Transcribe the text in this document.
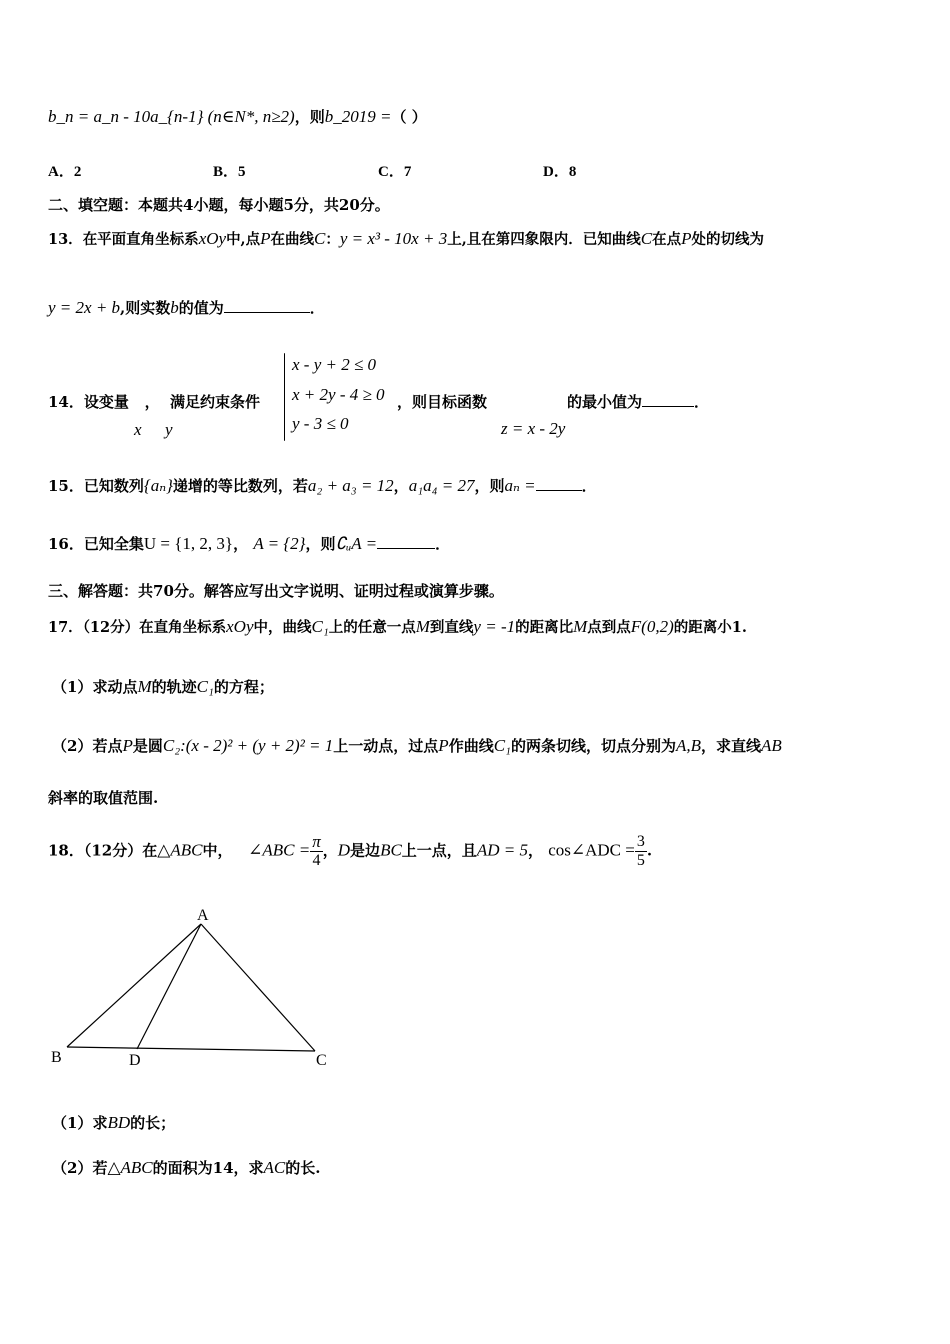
b_n = a_n - 10a_{n-1} (n∈N*, n≥2)，则b_2019 =（ ）
A．2	B．5	C．7	D．8
二、填空题：本题共4小题，每小题5分，共20分。
13．在平面直角坐标系xOy中,点P在曲线C：y = x³ - 10x + 3上,且在第四象限内．已知曲线C在点P处的切线为
y = 2x + b,则实数b的值为	．
14．设变量 ， 满足约束条件
x y
x - y + 2 ≤ 0
x + 2y - 4 ≥ 0
y - 3 ≤ 0
，则目标函数	的最小值为	．
z = x - 2y
15．已知数列{aₙ}递增的等比数列，若a₂ + a₃ = 12，a₁a₄ = 27，则aₙ =	．
16．已知全集U = {1, 2, 3}， A = {2}，则∁ᵤA =	．
三、解答题：共70分。解答应写出文字说明、证明过程或演算步骤。
17．（12分）在直角坐标系xOy中，曲线C₁上的任意一点M到直线y = -1的距离比M点到点F(0,2)的距离小1.
（1）求动点M的轨迹C₁的方程；
（2）若点P是圆C₂:(x - 2)² + (y + 2)² = 1上一动点，过点P作曲线C₁的两条切线，切点分别为A,B，求直线AB
斜率的取值范围.
18．（12分）在△ABC中， ∠ABC = $\frac{\pi}{4}$ ，D是边BC上一点，且AD = 5， cos∠ADC = $\frac{3}{5}$ .
A
B	D	C
（1）求BD的长；
（2）若△ABC的面积为14，求AC的长.
